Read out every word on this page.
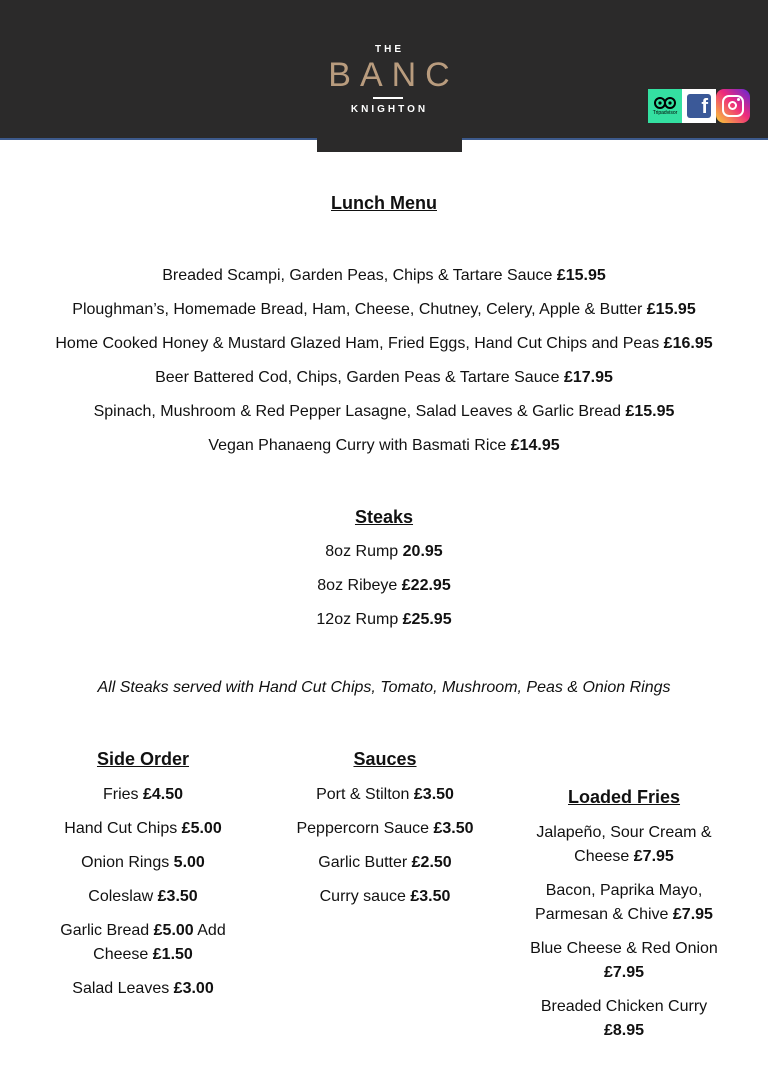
THE
BANC
KNIGHTON	Tripadvisor	f
Lunch Menu
Breaded Scampi, Garden Peas, Chips & Tartare Sauce £15.95
Ploughman’s, Homemade Bread, Ham, Cheese, Chutney, Celery, Apple & Butter £15.95
Home Cooked Honey & Mustard Glazed Ham, Fried Eggs, Hand Cut Chips and Peas £16.95
Beer Battered Cod, Chips, Garden Peas & Tartare Sauce £17.95
Spinach, Mushroom & Red Pepper Lasagne, Salad Leaves & Garlic Bread £15.95
Vegan Phanaeng Curry with Basmati Rice £14.95
Steaks
8oz Rump 20.95
8oz Ribeye £22.95
12oz Rump £25.95
All Steaks served with Hand Cut Chips, Tomato, Mushroom, Peas & Onion Rings
Side Order
Fries £4.50
Hand Cut Chips £5.00
Onion Rings 5.00
Coleslaw £3.50
Garlic Bread £5.00 Add Cheese £1.50
Salad Leaves £3.00
Sauces
Port & Stilton £3.50
Peppercorn Sauce £3.50
Garlic Butter £2.50
Curry sauce £3.50
Loaded Fries
Jalapeño, Sour Cream & Cheese £7.95
Bacon, Paprika Mayo, Parmesan & Chive £7.95
Blue Cheese & Red Onion
£7.95
Breaded Chicken Curry
£8.95
